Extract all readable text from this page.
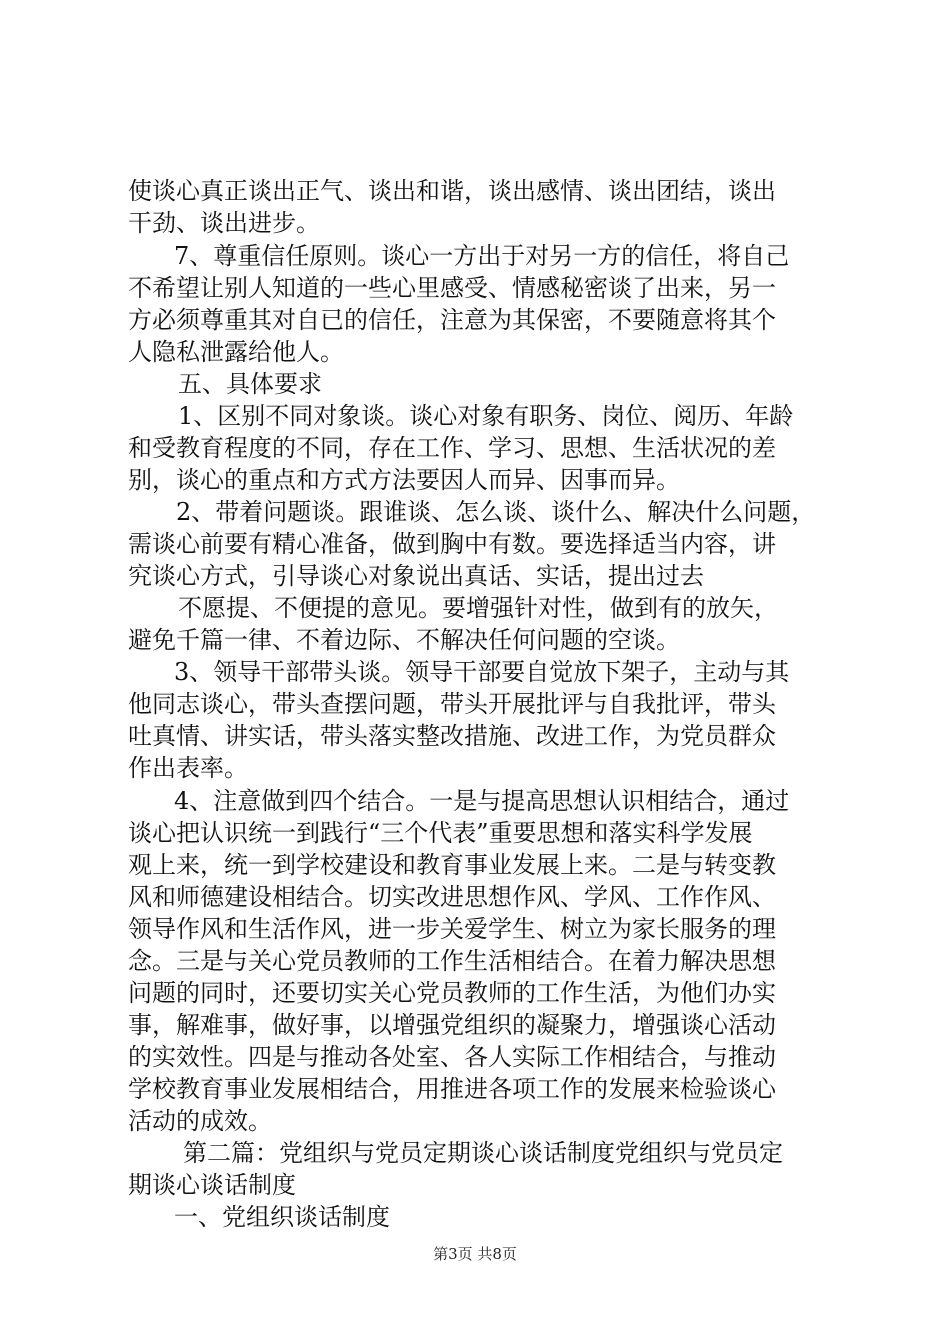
使谈心真正谈出正气、谈出和谐，谈出感情、谈出团结，谈出
干劲、谈出进步。
7、尊重信任原则。谈心一方出于对另一方的信任，将自己
不希望让别人知道的一些心里感受、情感秘密谈了出来，另一
方必须尊重其对自已的信任，注意为其保密，不要随意将其个
人隐私泄露给他人。
五、具体要求
1、区别不同对象谈。谈心对象有职务、岗位、阅历、年龄
和受教育程度的不同，存在工作、学习、思想、生活状况的差
别，谈心的重点和方式方法要因人而异、因事而异。
2、带着问题谈。跟谁谈、怎么谈、谈什么、解决什么问题，
需谈心前要有精心准备，做到胸中有数。要选择适当内容，讲
究谈心方式，引导谈心对象说出真话、实话，提出过去
不愿提、不便提的意见。要增强针对性，做到有的放矢，
避免千篇一律、不着边际、不解决任何问题的空谈。
3、领导干部带头谈。领导干部要自觉放下架子，主动与其
他同志谈心，带头查摆问题，带头开展批评与自我批评，带头
吐真情、讲实话，带头落实整改措施、改进工作，为党员群众
作出表率。
4、注意做到四个结合。一是与提高思想认识相结合，通过
谈心把认识统一到践行“三个代表”重要思想和落实科学发展
观上来，统一到学校建设和教育事业发展上来。二是与转变教
风和师德建设相结合。切实改进思想作风、学风、工作作风、
领导作风和生活作风，进一步关爱学生、树立为家长服务的理
念。三是与关心党员教师的工作生活相结合。在着力解决思想
问题的同时，还要切实关心党员教师的工作生活，为他们办实
事，解难事，做好事，以增强党组织的凝聚力，增强谈心活动
的实效性。四是与推动各处室、各人实际工作相结合，与推动
学校教育事业发展相结合，用推进各项工作的发展来检验谈心
活动的成效。
第二篇：党组织与党员定期谈心谈话制度党组织与党员定
期谈心谈话制度
一、党组织谈话制度
第3页 共8页
